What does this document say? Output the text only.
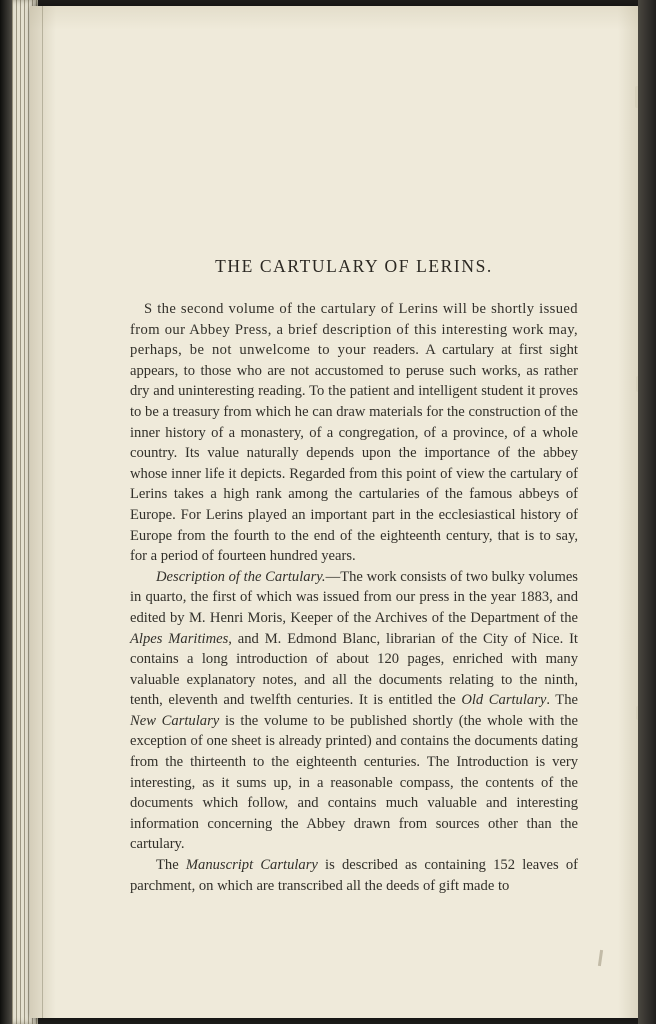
THE CARTULARY OF LERINS.

S the second volume of the cartulary of Lerins will be shortly issued from our Abbey Press, a brief description of this interesting work may, perhaps, be not unwelcome to your readers. A cartulary at first sight appears, to those who are not accustomed to peruse such works, as rather dry and uninteresting reading. To the patient and intelligent student it proves to be a treasury from which he can draw materials for the construction of the inner history of a monastery, of a congregation, of a province, of a whole country. Its value naturally depends upon the importance of the abbey whose inner life it depicts. Regarded from this point of view the cartulary of Lerins takes a high rank among the cartularies of the famous abbeys of Europe. For Lerins played an important part in the ecclesiastical history of Europe from the fourth to the end of the eighteenth century, that is to say, for a period of fourteen hundred years.

Description of the Cartulary.—The work consists of two bulky volumes in quarto, the first of which was issued from our press in the year 1883, and edited by M. Henri Moris, Keeper of the Archives of the Department of the Alpes Maritimes, and M. Edmond Blanc, librarian of the City of Nice. It contains a long introduction of about 120 pages, enriched with many valuable explanatory notes, and all the documents relating to the ninth, tenth, eleventh and twelfth centuries. It is entitled the Old Cartulary. The New Cartulary is the volume to be published shortly (the whole with the exception of one sheet is already printed) and contains the documents dating from the thirteenth to the eighteenth centuries. The Introduction is very interesting, as it sums up, in a reasonable compass, the contents of the documents which follow, and contains much valuable and interesting information concerning the Abbey drawn from sources other than the cartulary.

The Manuscript Cartulary is described as containing 152 leaves of parchment, on which are transcribed all the deeds of gift made to
